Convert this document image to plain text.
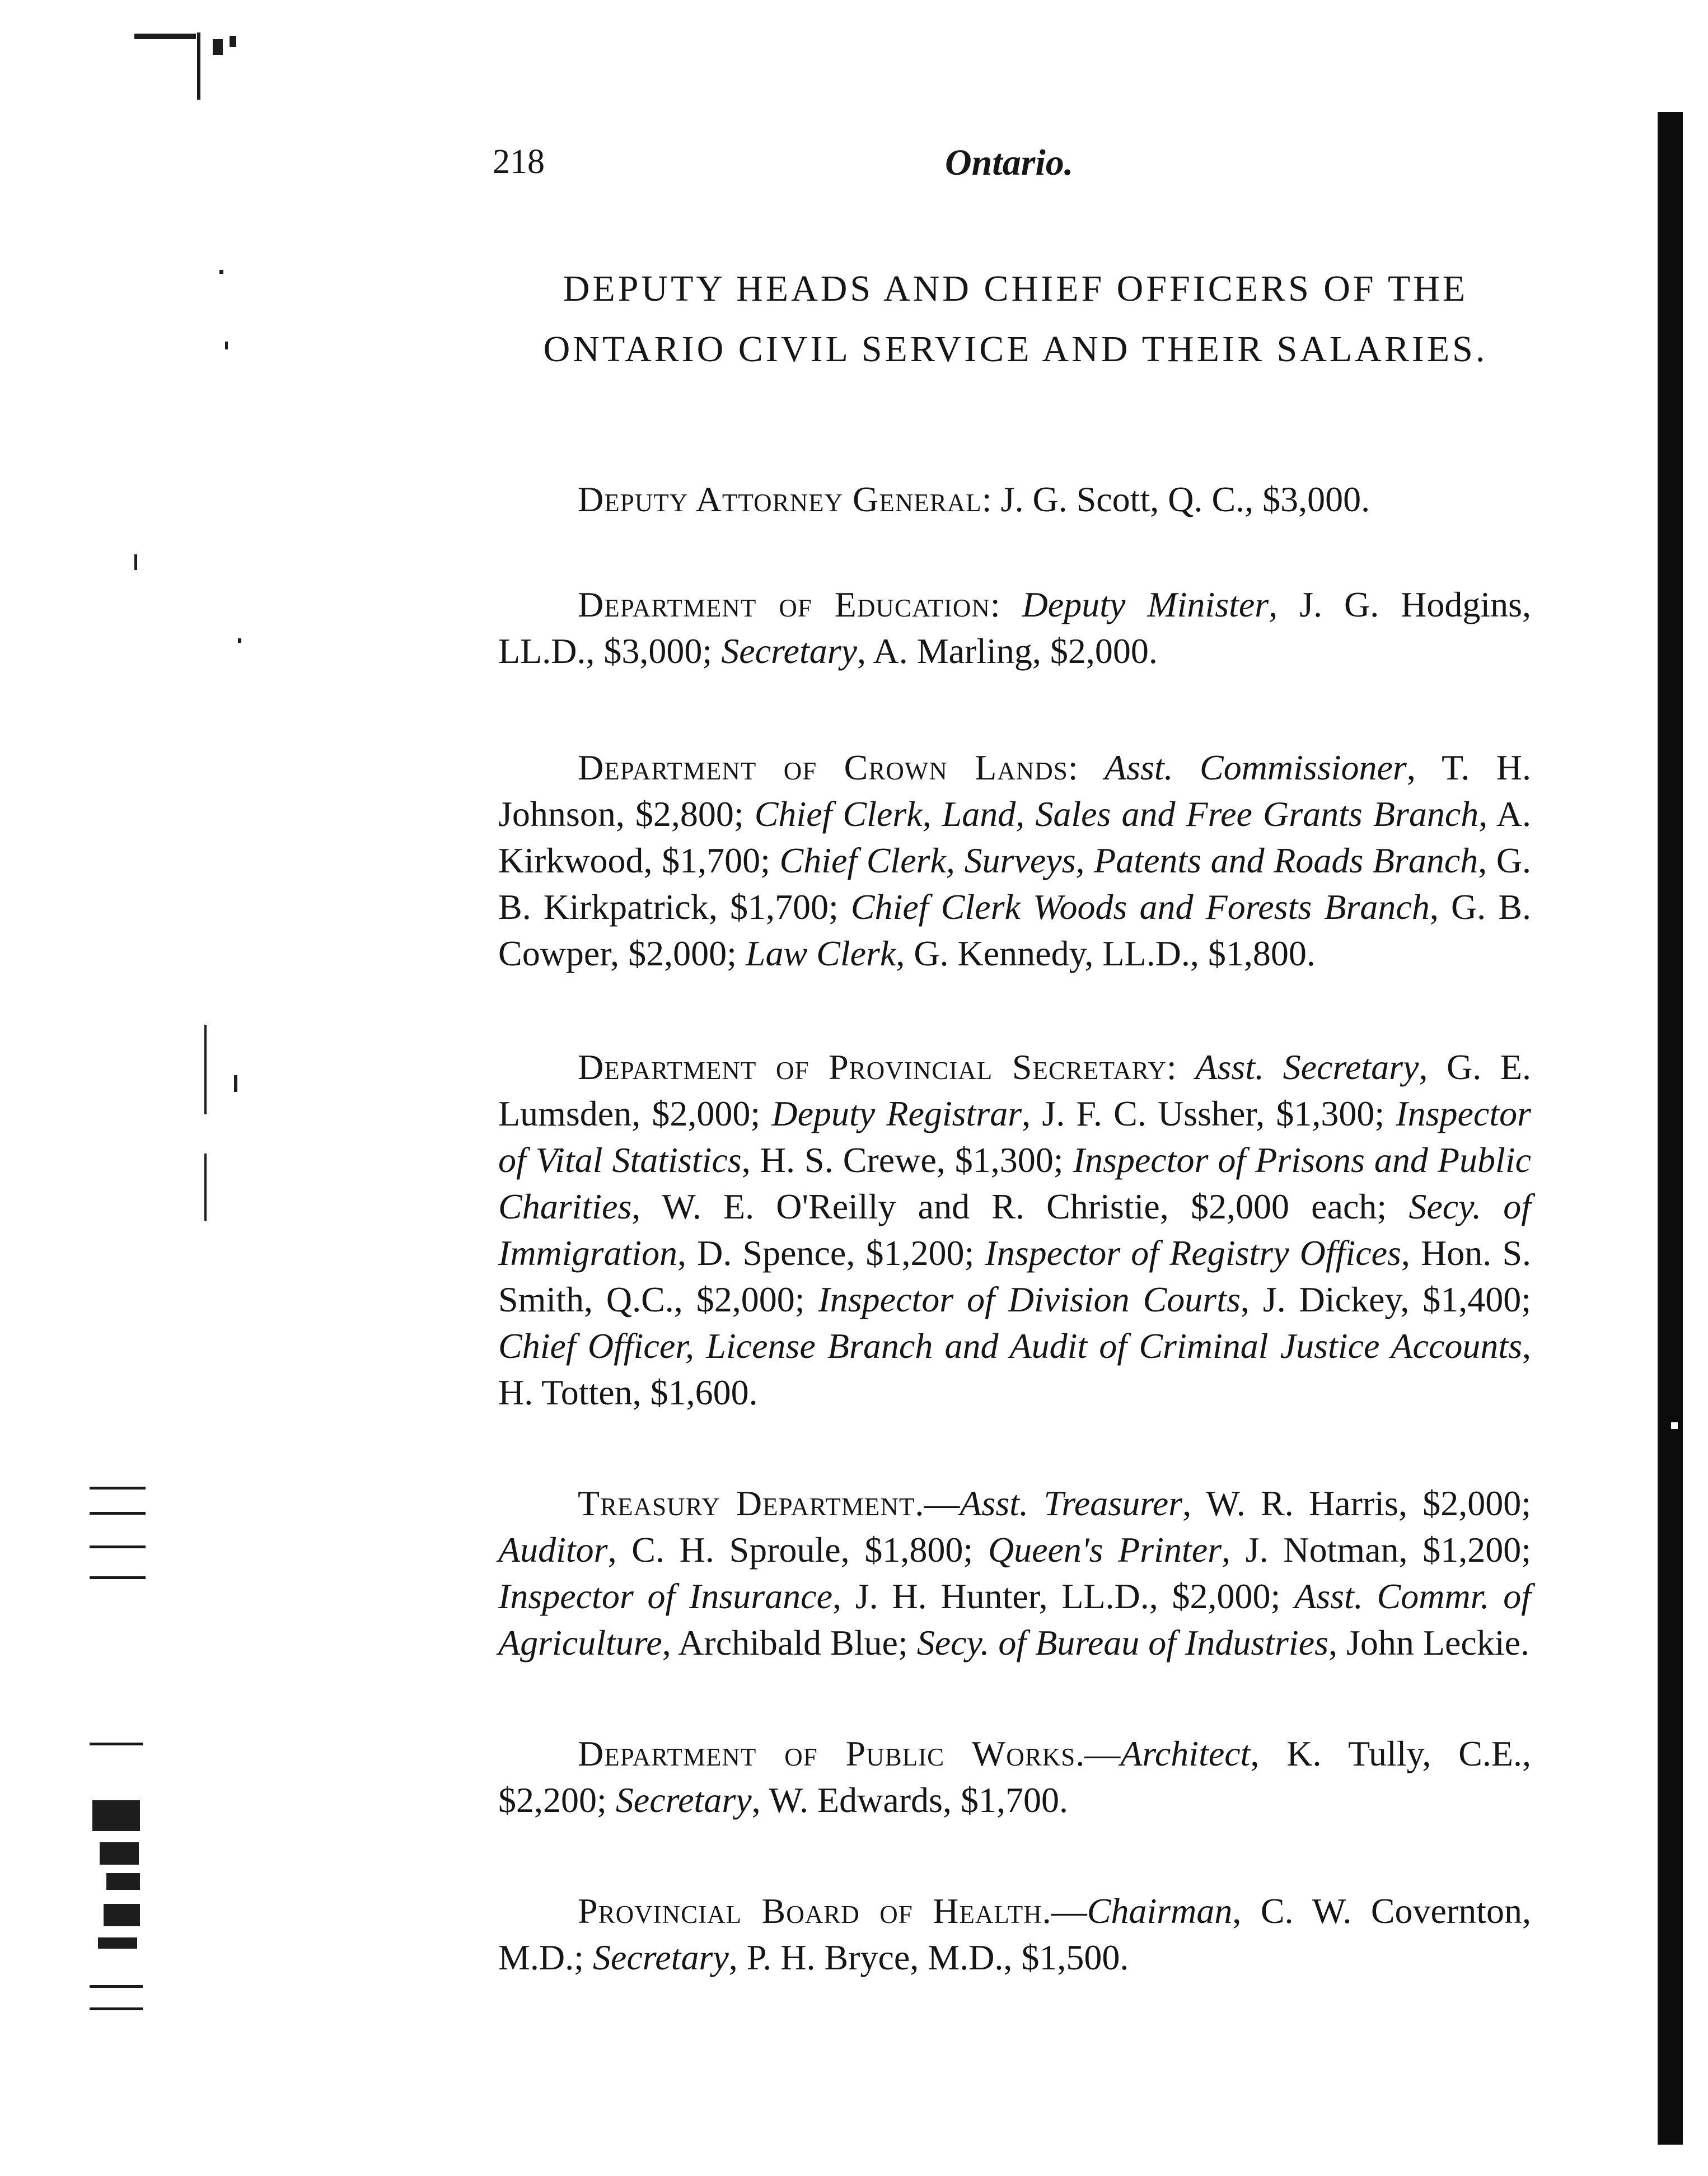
218	Ontario.
DEPUTY HEADS AND CHIEF OFFICERS OF THE ONTARIO CIVIL SERVICE AND THEIR SALARIES.

Deputy Attorney General: J. G. Scott, Q. C., $3,000.

Department of Education: Deputy Minister, J. G. Hodgins, LL.D., $3,000; Secretary, A. Marling, $2,000.

Department of Crown Lands: Asst. Commissioner, T. H. Johnson, $2,800; Chief Clerk, Land, Sales and Free Grants Branch, A. Kirkwood, $1,700; Chief Clerk, Surveys, Patents and Roads Branch, G. B. Kirkpatrick, $1,700; Chief Clerk Woods and Forests Branch, G. B. Cowper, $2,000; Law Clerk, G. Kennedy, LL.D., $1,800.

Department of Provincial Secretary: Asst. Secretary, G. E. Lumsden, $2,000; Deputy Registrar, J. F. C. Ussher, $1,300; Inspector of Vital Statistics, H. S. Crewe, $1,300; Inspector of Prisons and Public Charities, W. E. O'Reilly and R. Christie, $2,000 each; Secy. of Immigration, D. Spence, $1,200; Inspector of Registry Offices, Hon. S. Smith, Q.C., $2,000; Inspector of Division Courts, J. Dickey, $1,400; Chief Officer, License Branch and Audit of Criminal Justice Accounts, H. Totten, $1,600.

Treasury Department.—Asst. Treasurer, W. R. Harris, $2,000; Auditor, C. H. Sproule, $1,800; Queen's Printer, J. Notman, $1,200; Inspector of Insurance, J. H. Hunter, LL.D., $2,000; Asst. Commr. of Agriculture, Archibald Blue; Secy. of Bureau of Industries, John Leckie.

Department of Public Works.—Architect, K. Tully, C.E., $2,200; Secretary, W. Edwards, $1,700.

Provincial Board of Health.—Chairman, C. W. Covernton, M.D.; Secretary, P. H. Bryce, M.D., $1,500.
